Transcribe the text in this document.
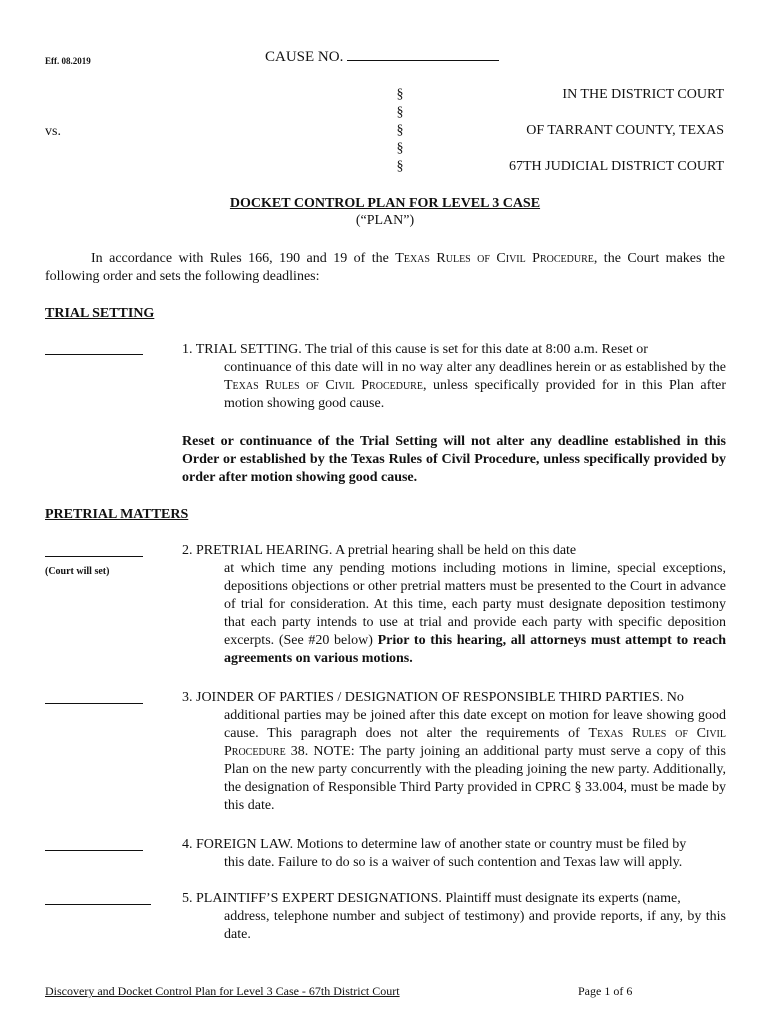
Eff. 08.2019	CAUSE NO.
§
§
§
§
§
vs.
IN THE DISTRICT COURT
OF TARRANT COUNTY, TEXAS
67TH JUDICIAL DISTRICT COURT
DOCKET CONTROL PLAN FOR LEVEL 3 CASE
(“PLAN”)
In accordance with Rules 166, 190 and 19 of the Texas Rules of Civil Procedure, the Court makes the following order and sets the following deadlines:
TRIAL SETTING
1. TRIAL SETTING. The trial of this cause is set for this date at 8:00 a.m. Reset or
continuance of this date will in no way alter any deadlines herein or as established by the Texas Rules of Civil Procedure, unless specifically provided for in this Plan after motion showing good cause.
Reset or continuance of the Trial Setting will not alter any deadline established in this Order or established by the Texas Rules of Civil Procedure, unless specifically provided by order after motion showing good cause.
PRETRIAL MATTERS
(Court will set)
2. PRETRIAL HEARING. A pretrial hearing shall be held on this date
at which time any pending motions including motions in limine, special exceptions, depositions objections or other pretrial matters must be presented to the Court in advance of trial for consideration. At this time, each party must designate deposition testimony that each party intends to use at trial and provide each party with specific deposition excerpts. (See #20 below) Prior to this hearing, all attorneys must attempt to reach agreements on various motions.
3. JOINDER OF PARTIES / DESIGNATION OF RESPONSIBLE THIRD PARTIES. No
additional parties may be joined after this date except on motion for leave showing good cause. This paragraph does not alter the requirements of Texas Rules of Civil Procedure 38. NOTE: The party joining an additional party must serve a copy of this Plan on the new party concurrently with the pleading joining the new party. Additionally, the designation of Responsible Third Party provided in CPRC § 33.004, must be made by this date.
4. FOREIGN LAW. Motions to determine law of another state or country must be filed by
this date. Failure to do so is a waiver of such contention and Texas law will apply.
5. PLAINTIFF’S EXPERT DESIGNATIONS. Plaintiff must designate its experts (name,
address, telephone number and subject of testimony) and provide reports, if any, by this date.
Discovery and Docket Control Plan for Level 3 Case - 67th District Court	Page 1 of 6
